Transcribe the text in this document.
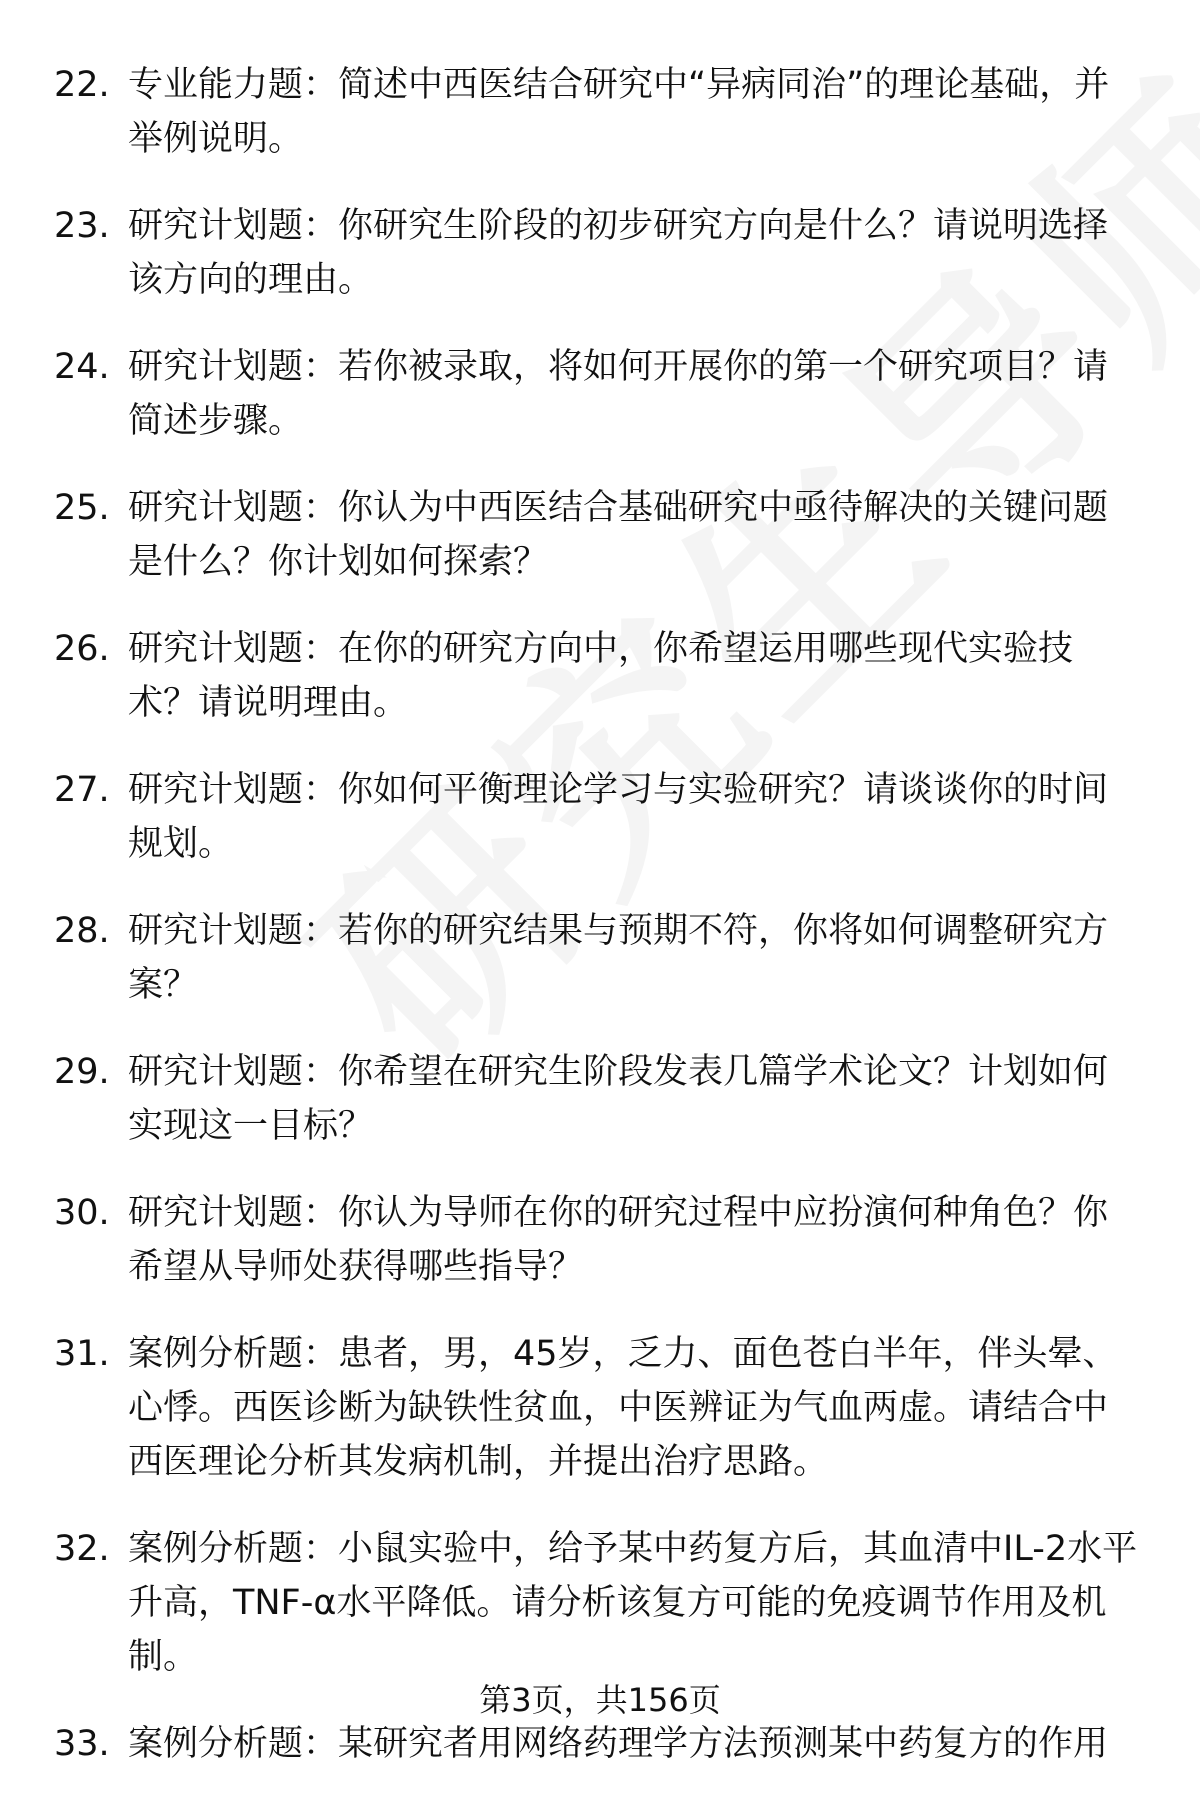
22. 专业能力题：简述中西医结合研究中“异病同治”的理论基础，并举例说明。
23. 研究计划题：你研究生阶段的初步研究方向是什么？请说明选择该方向的理由。
24. 研究计划题：若你被录取，将如何开展你的第一个研究项目？请简述步骤。
25. 研究计划题：你认为中西医结合基础研究中亟待解决的关键问题是什么？你计划如何探索？
26. 研究计划题：在你的研究方向中，你希望运用哪些现代实验技术？请说明理由。
27. 研究计划题：你如何平衡理论学习与实验研究？请谈谈你的时间规划。
28. 研究计划题：若你的研究结果与预期不符，你将如何调整研究方案？
29. 研究计划题：你希望在研究生阶段发表几篇学术论文？计划如何实现这一目标？
30. 研究计划题：你认为导师在你的研究过程中应扮演何种角色？你希望从导师处获得哪些指导？
31. 案例分析题：患者，男，45岁，乏力、面色苍白半年，伴头晕、心悸。西医诊断为缺铁性贫血，中医辨证为气血两虚。请结合中西医理论分析其发病机制，并提出治疗思路。
32. 案例分析题：小鼠实验中，给予某中药复方后，其血清中IL-2水平升高，TNF-α水平降低。请分析该复方可能的免疫调节作用及机制。
33. 案例分析题：某研究者用网络药理学方法预测某中药复方的作用
第3页，共156页
